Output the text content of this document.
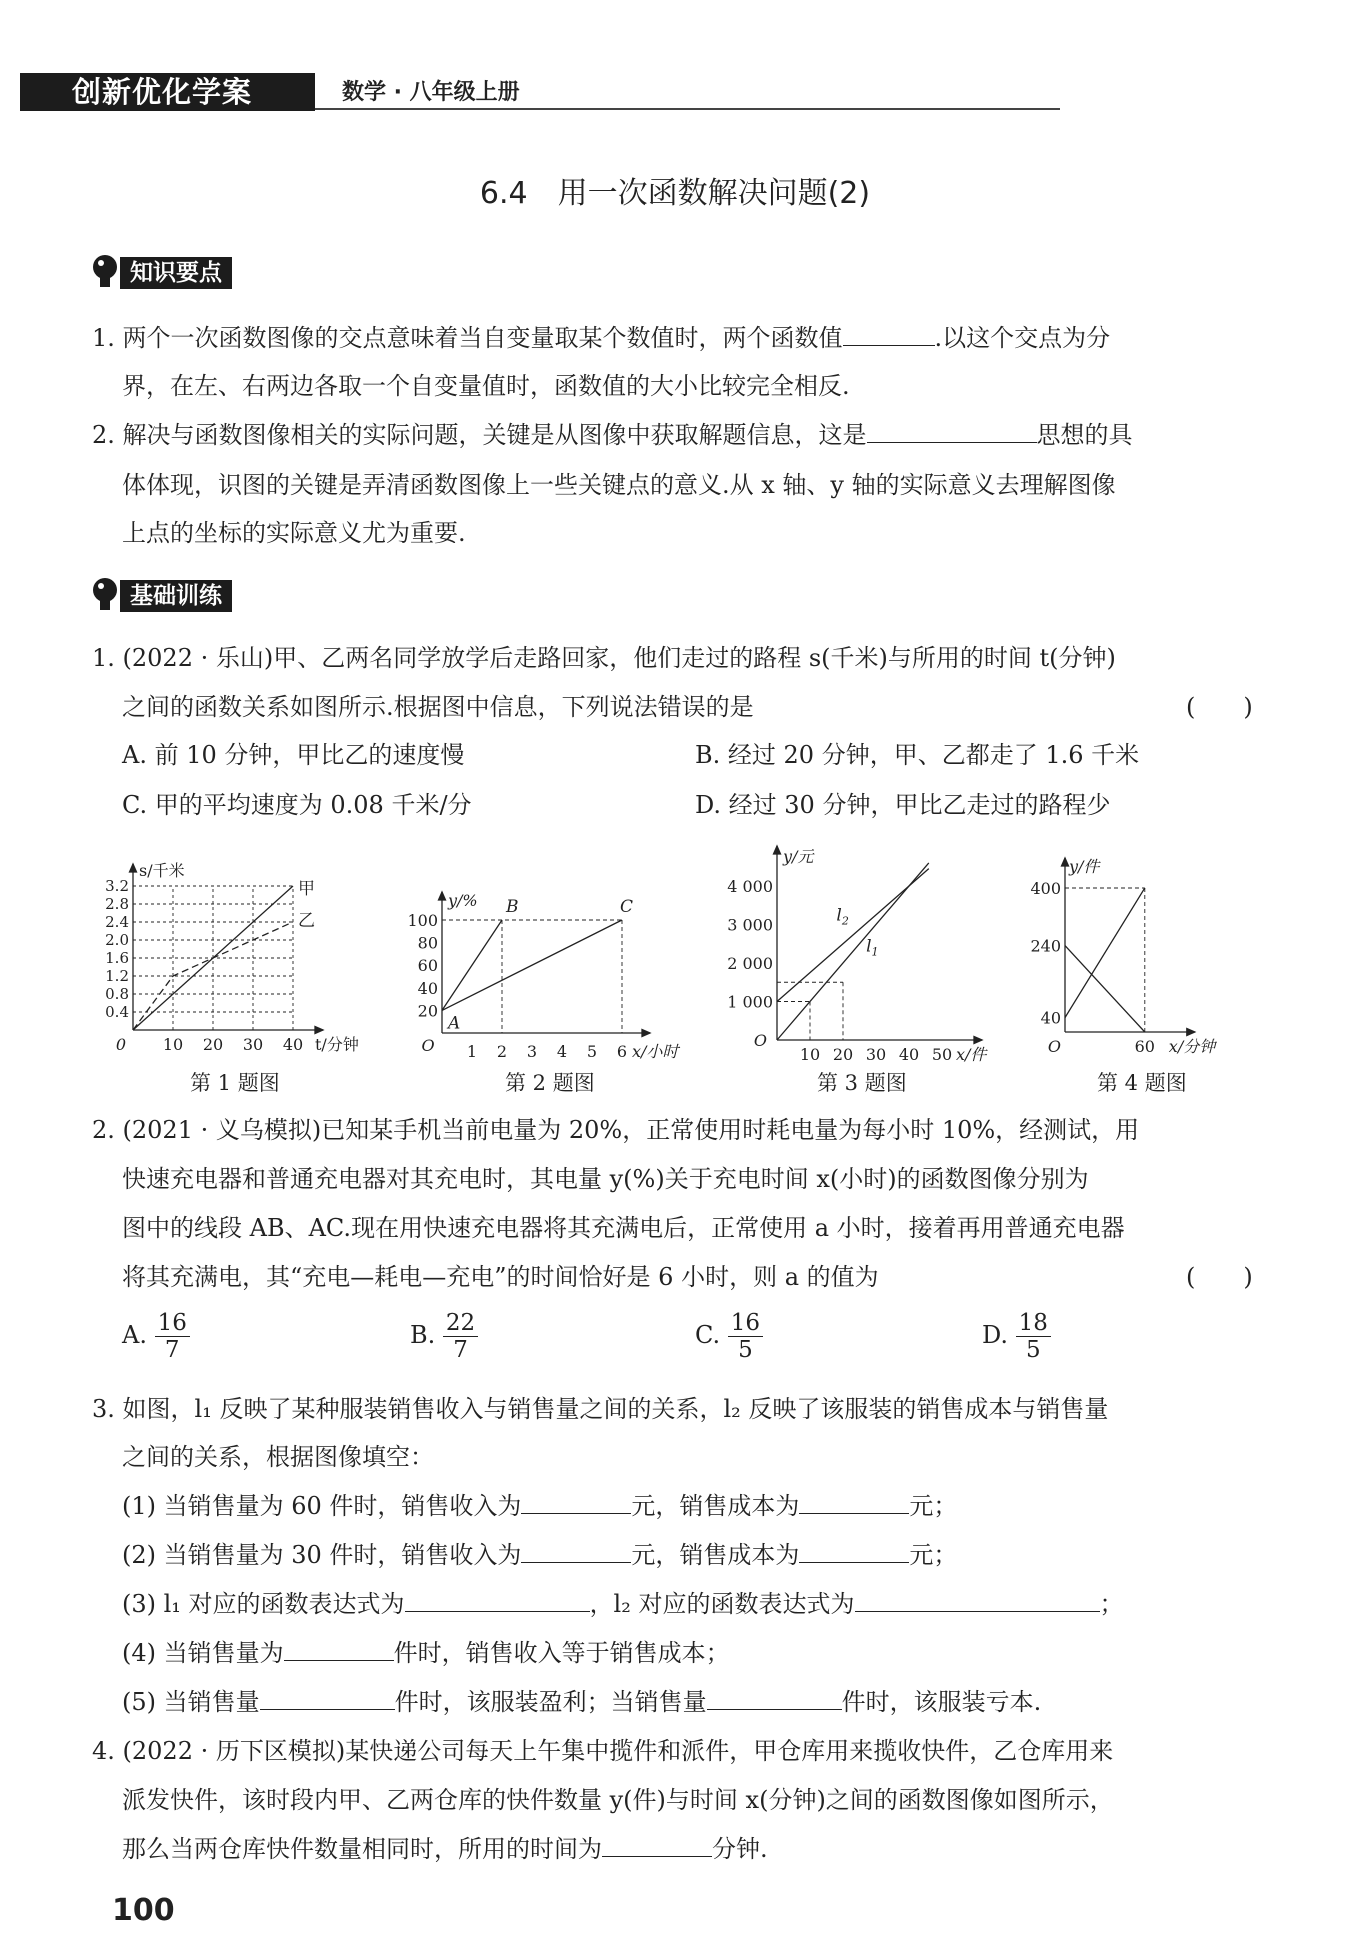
创新优化学案	数学 · 八年级上册
6.4　用一次函数解决问题(2)
知识要点
1. 两个一次函数图像的交点意味着当自变量取某个数值时，两个函数值	.以这个交点为分
界，在左、右两边各取一个自变量值时，函数值的大小比较完全相反.
2. 解决与函数图像相关的实际问题，关键是从图像中获取解题信息，这是	思想的具
体体现，识图的关键是弄清函数图像上一些关键点的意义.从 x 轴、y 轴的实际意义去理解图像
上点的坐标的实际意义尤为重要.
基础训练
1. (2022 · 乐山)甲、乙两名同学放学后走路回家，他们走过的路程 s(千米)与所用的时间 t(分钟)
之间的函数关系如图所示.根据图中信息，下列说法错误的是	(　　)
A. 前 10 分钟，甲比乙的速度慢	B. 经过 20 分钟，甲、乙都走了 1.6 千米
C. 甲的平均速度为 0.08 千米/分	D. 经过 30 分钟，甲比乙走过的路程少
0.4
0.8
1.2
1.6
2.0
2.4
2.8
3.2
10 20 30 40
0
s/千米
t/分钟
甲
乙
第 1 题图
20
40
60
80
100
1 2 3 4 5 6
O
y/%
x/小时
A
B	C
第 2 题图
1 000
2 000
3 000
4 000
10 20 30 40 50
O
y/元
x/件
$l_2$
$l_1$
第 3 题图
40
240
400
60
O
y/件
x/分钟
第 4 题图
2. (2021 · 义乌模拟)已知某手机当前电量为 20%，正常使用时耗电量为每小时 10%，经测试，用
快速充电器和普通充电器对其充电时，其电量 y(%)关于充电时间 x(小时)的函数图像分别为
图中的线段 AB、AC.现在用快速充电器将其充满电后，正常使用 a 小时，接着再用普通充电器
将其充满电，其“充电—耗电—充电”的时间恰好是 6 小时，则 a 的值为	(　　)
A. $\frac{16}{7}$	B. $\frac{22}{7}$	C. $\frac{16}{5}$	D. $\frac{18}{5}$
3. 如图，l₁ 反映了某种服装销售收入与销售量之间的关系，l₂ 反映了该服装的销售成本与销售量
之间的关系，根据图像填空：
(1) 当销售量为 60 件时，销售收入为	元，销售成本为	元；
(2) 当销售量为 30 件时，销售收入为	元，销售成本为	元；
(3) l₁ 对应的函数表达式为	，l₂ 对应的函数表达式为	；
(4) 当销售量为	件时，销售收入等于销售成本；
(5) 当销售量	件时，该服装盈利；当销售量	件时，该服装亏本.
4. (2022 · 历下区模拟)某快递公司每天上午集中揽件和派件，甲仓库用来揽收快件，乙仓库用来
派发快件，该时段内甲、乙两仓库的快件数量 y(件)与时间 x(分钟)之间的函数图像如图所示，
那么当两仓库快件数量相同时，所用的时间为	分钟.
100
